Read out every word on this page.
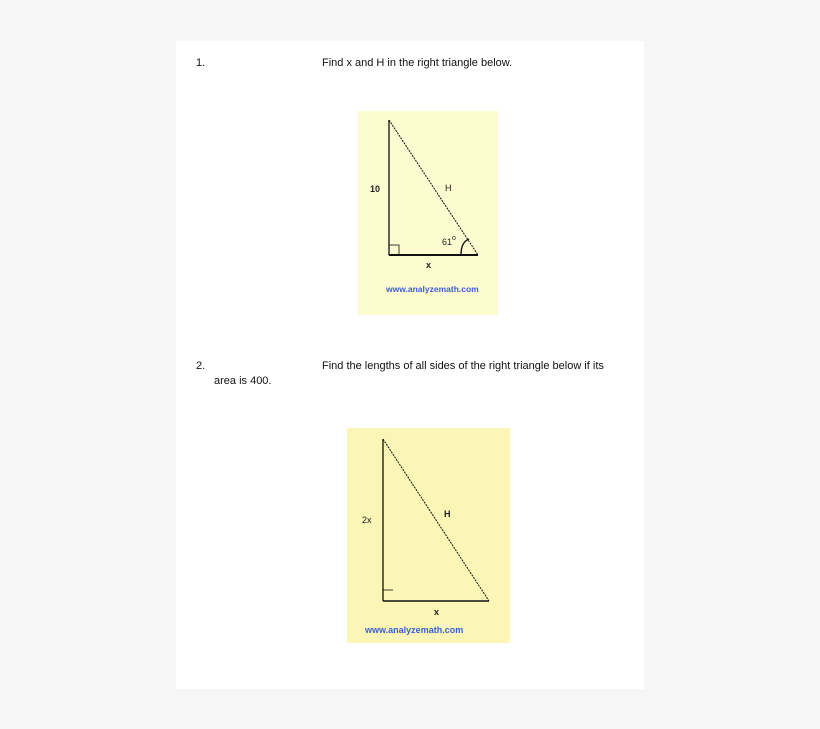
1.	Find x and H in the right triangle below.
10	H
x
61 o
www.analyzemath.com
2.	Find the lengths of all sides of the right triangle below if its
area is 400.
2x
H
x
www.analyzemath.com
